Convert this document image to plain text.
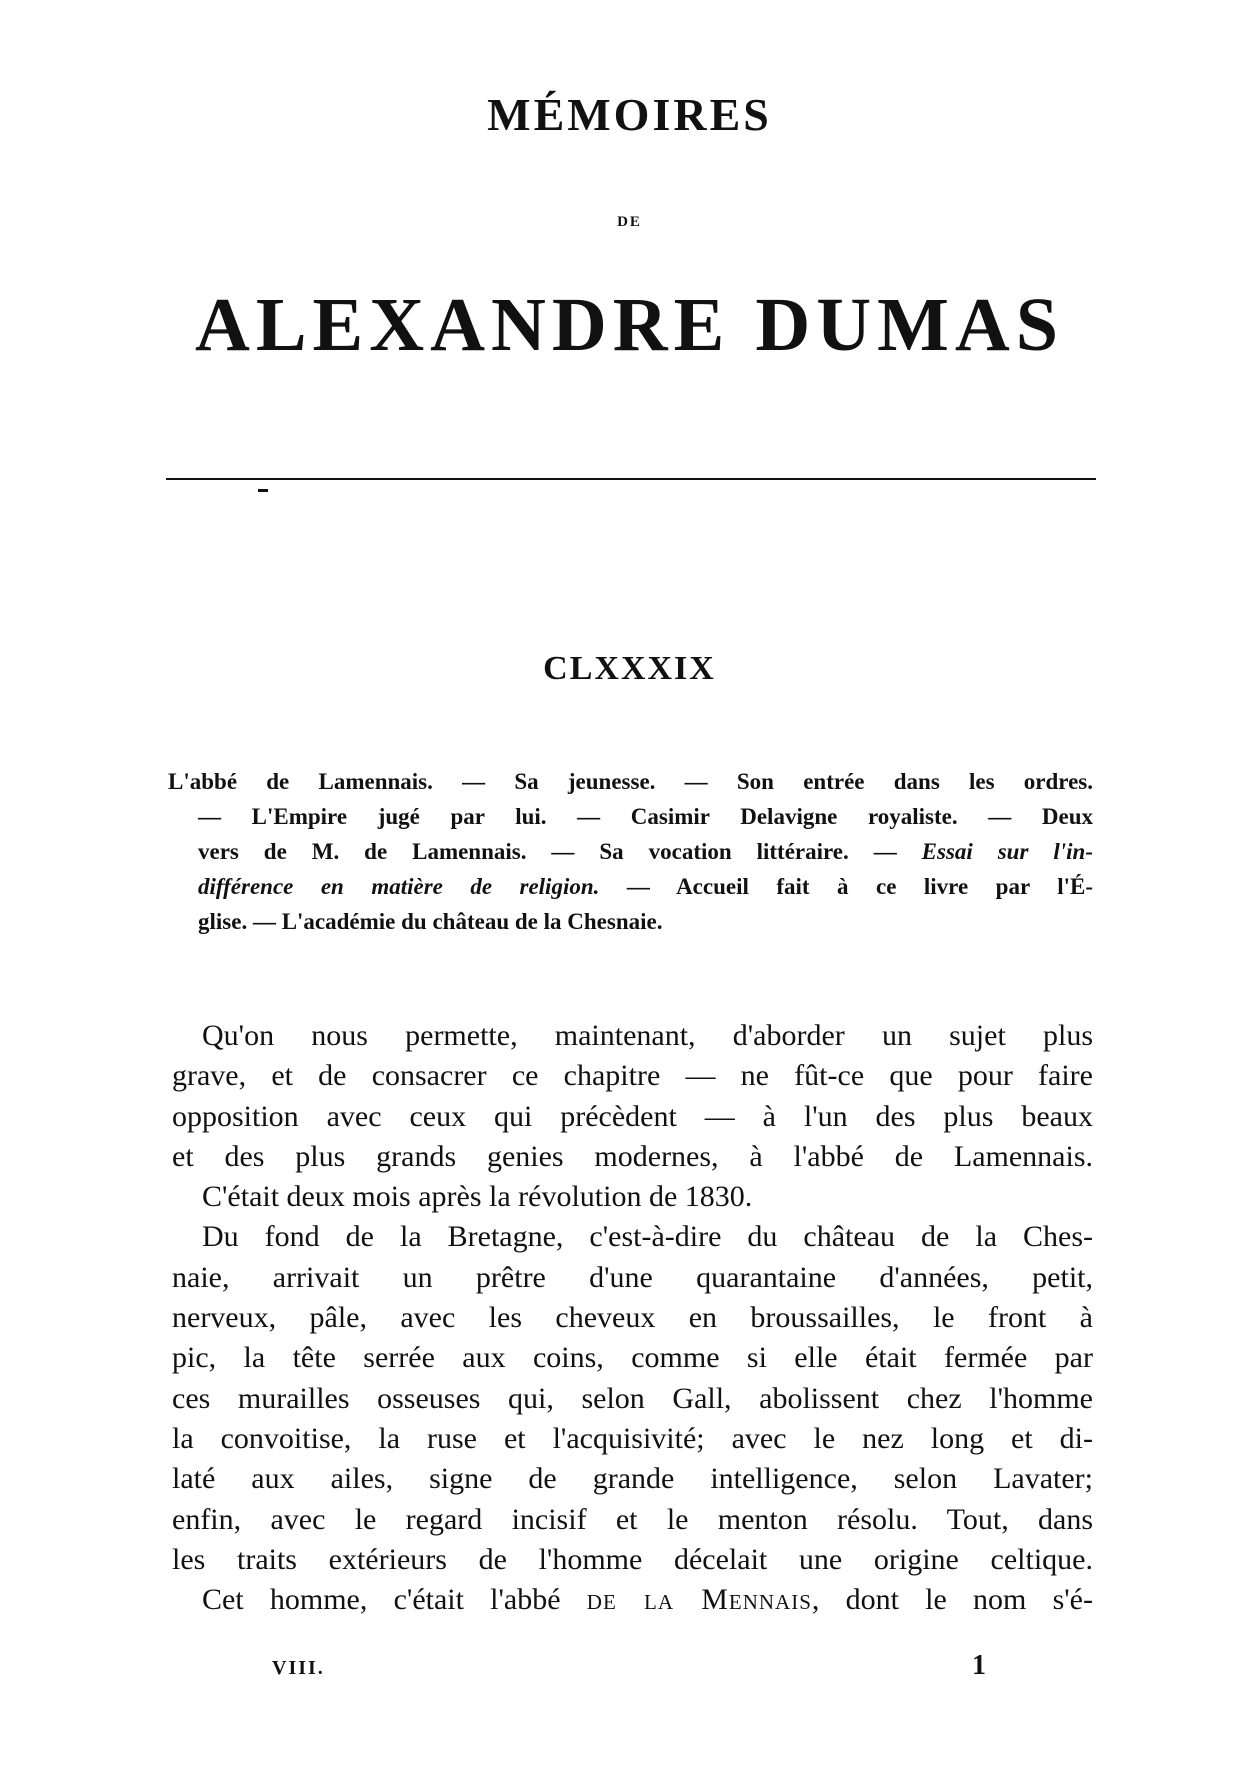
MÉMOIRES
DE
ALEXANDRE DUMAS
CLXXXIX
L'abbé de Lamennais. — Sa jeunesse. — Son entrée dans les ordres.
— L'Empire jugé par lui. — Casimir Delavigne royaliste. — Deux
vers de M. de Lamennais. — Sa vocation littéraire. — Essai sur l'in-
différence en matière de religion. — Accueil fait à ce livre par l'É-
glise. — L'académie du château de la Chesnaie.
Qu'on nous permette, maintenant, d'aborder un sujet plus
grave, et de consacrer ce chapitre — ne fût-ce que pour faire
opposition avec ceux qui précèdent — à l'un des plus beaux
et des plus grands genies modernes, à l'abbé de Lamennais.
C'était deux mois après la révolution de 1830.
Du fond de la Bretagne, c'est-à-dire du château de la Ches-
naie, arrivait un prêtre d'une quarantaine d'années, petit,
nerveux, pâle, avec les cheveux en broussailles, le front à
pic, la tête serrée aux coins, comme si elle était fermée par
ces murailles osseuses qui, selon Gall, abolissent chez l'homme
la convoitise, la ruse et l'acquisivité; avec le nez long et di-
laté aux ailes, signe de grande intelligence, selon Lavater;
enfin, avec le regard incisif et le menton résolu. Tout, dans
les traits extérieurs de l'homme décelait une origine celtique.
Cet homme, c'était l'abbé de la Mennais, dont le nom s'é-
VIII.	1
